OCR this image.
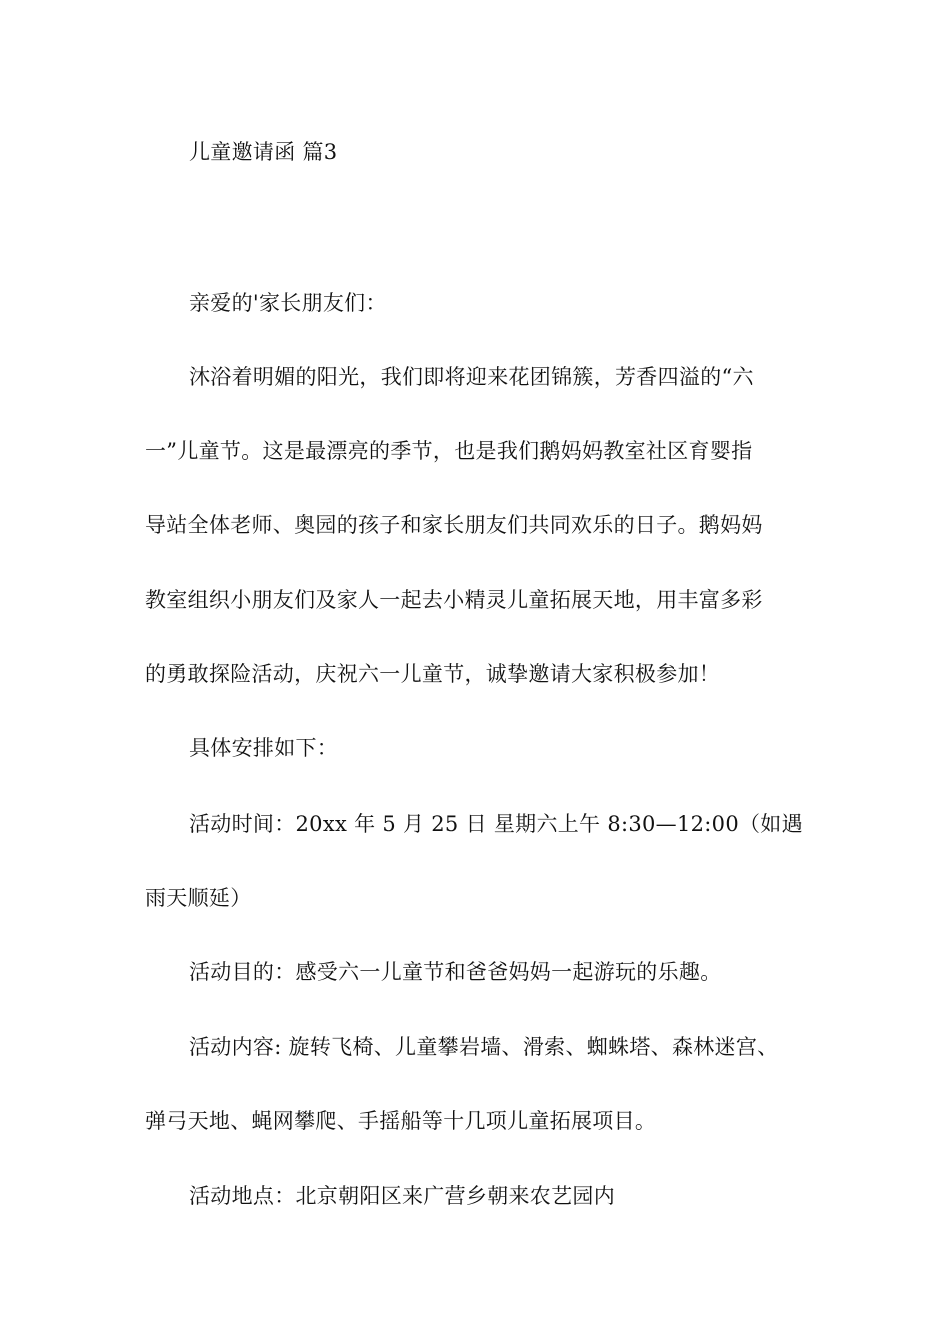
儿童邀请函 篇3
亲爱的'家长朋友们：
沐浴着明媚的阳光，我们即将迎来花团锦簇，芳香四溢的“六
一”儿童节。这是最漂亮的季节，也是我们鹅妈妈教室社区育婴指
导站全体老师、奥园的孩子和家长朋友们共同欢乐的日子。鹅妈妈
教室组织小朋友们及家人一起去小精灵儿童拓展天地，用丰富多彩
的勇敢探险活动，庆祝六一儿童节，诚挚邀请大家积极参加！
具体安排如下：
活动时间：20xx 年 5 月 25 日 星期六上午 8:30—12:00（如遇
雨天顺延）
活动目的：感受六一儿童节和爸爸妈妈一起游玩的乐趣。
活动内容: 旋转飞椅、儿童攀岩墙、滑索、蜘蛛塔、森林迷宫、
弹弓天地、蝇网攀爬、手摇船等十几项儿童拓展项目。
活动地点：北京朝阳区来广营乡朝来农艺园内
